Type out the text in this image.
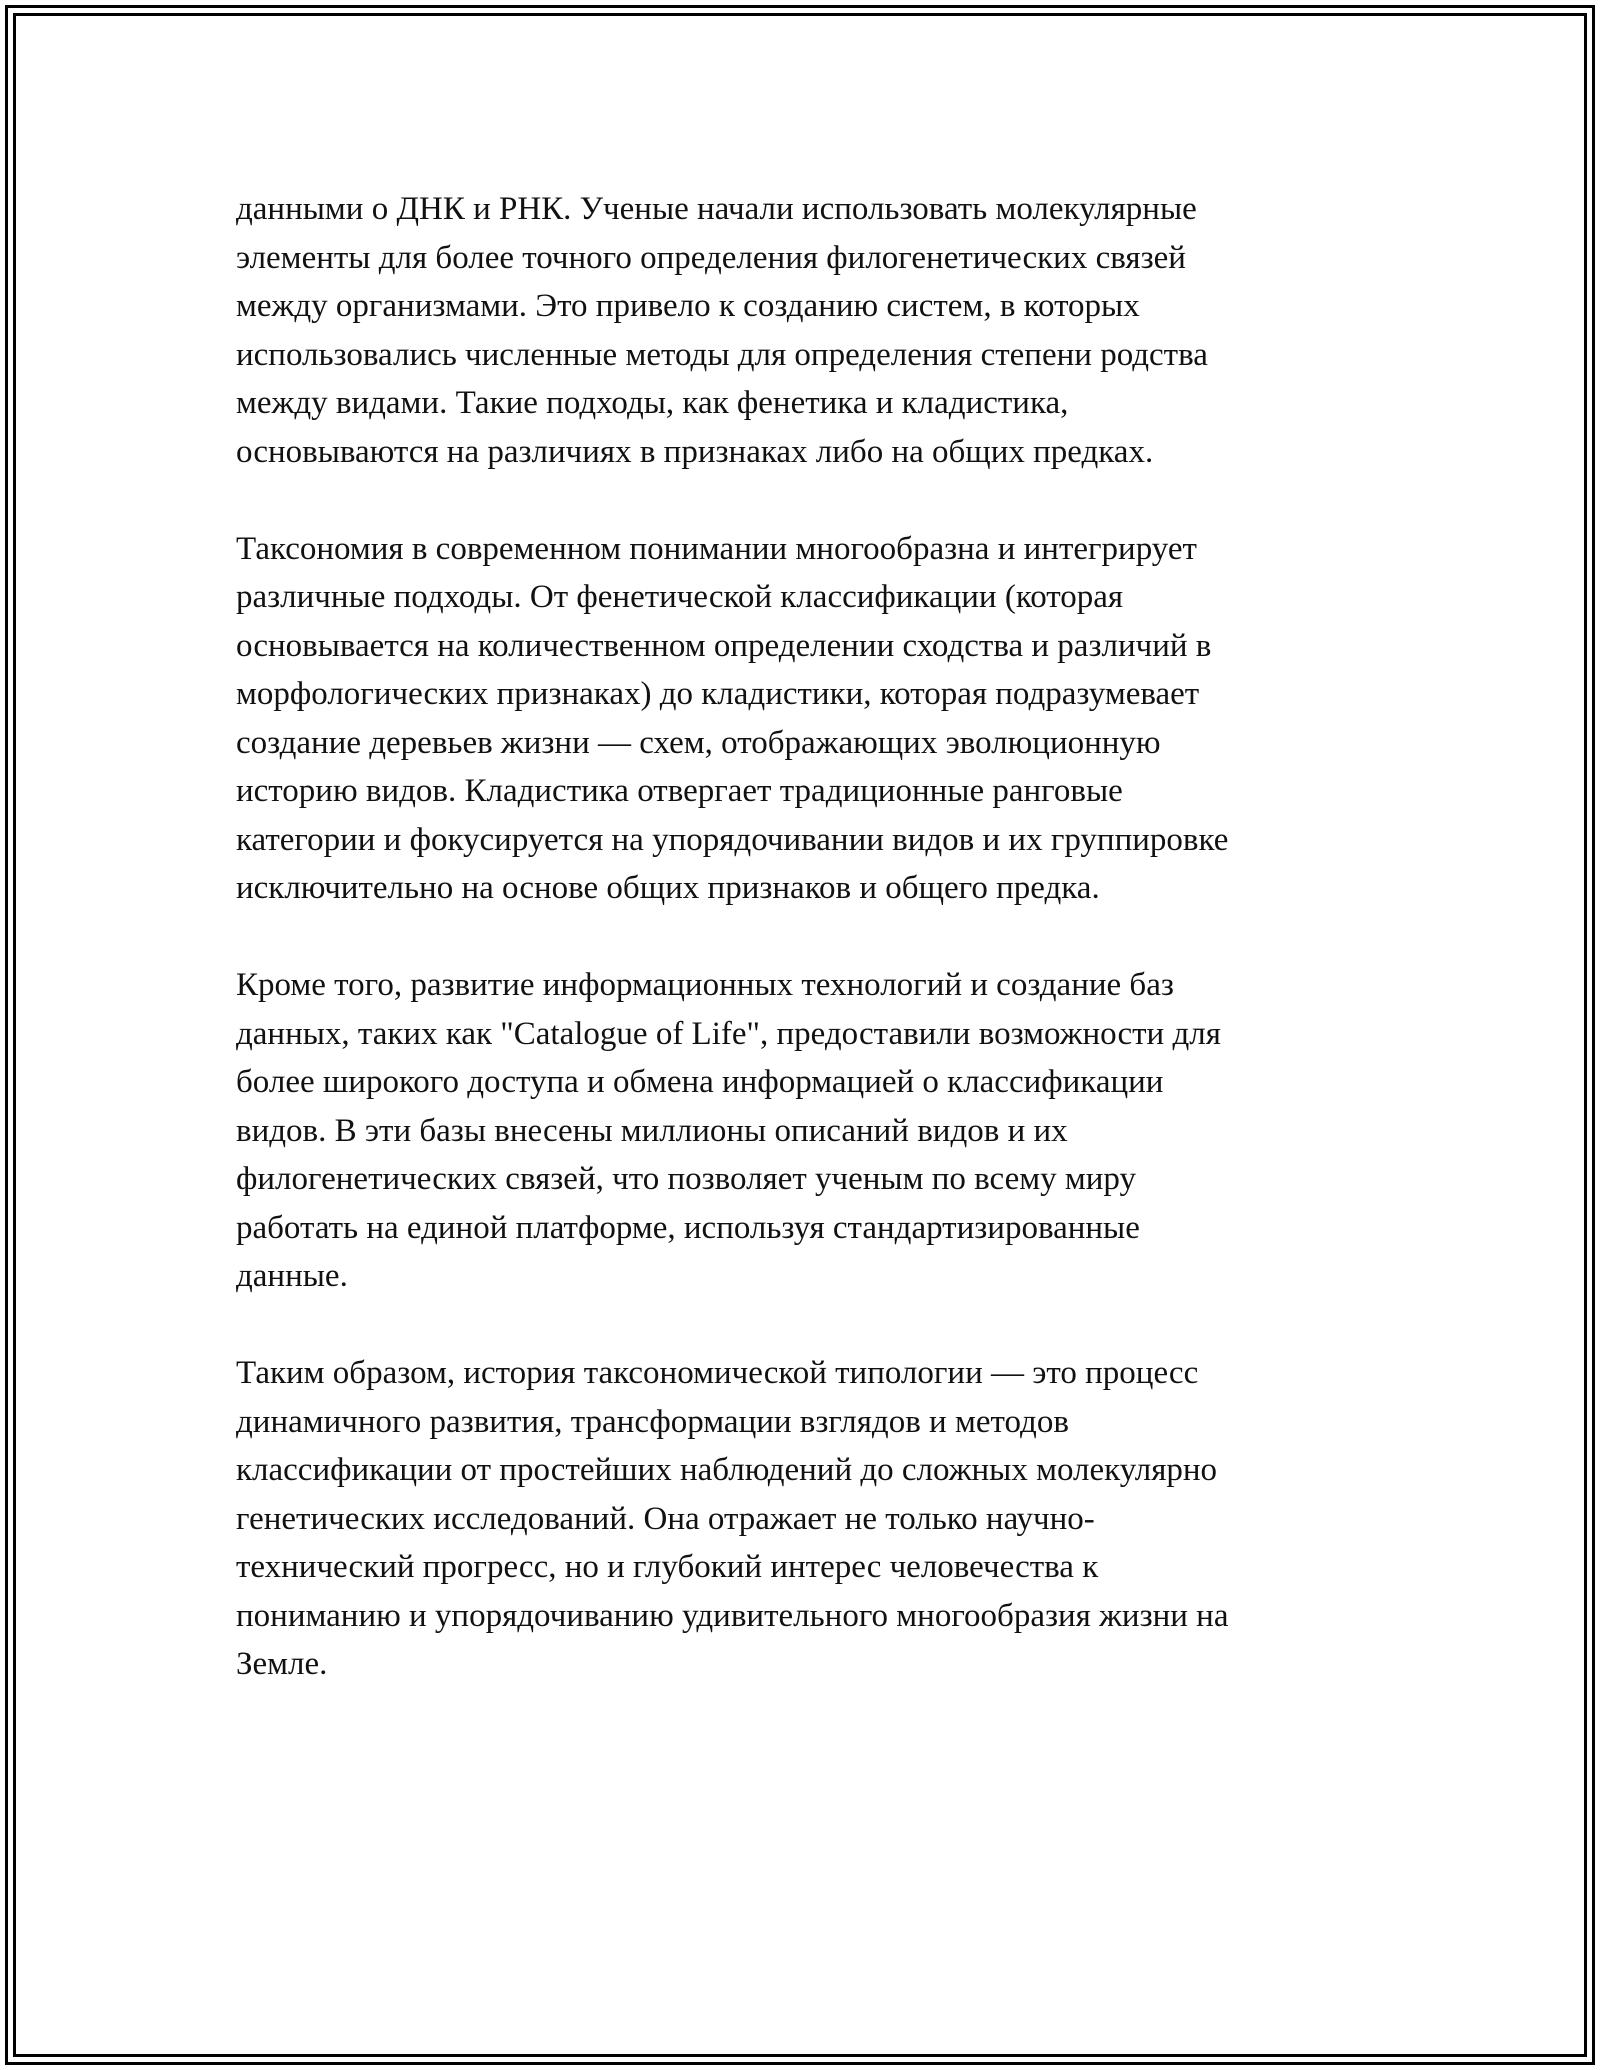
данными о ДНК и РНК. Ученые начали использовать молекулярные
элементы для более точного определения филогенетических связей
между организмами. Это привело к созданию систем, в которых
использовались численные методы для определения степени родства
между видами. Такие подходы, как фенетика и кладистика,
основываются на различиях в признаках либо на общих предках.

Таксономия в современном понимании многообразна и интегрирует
различные подходы. От фенетической классификации (которая
основывается на количественном определении сходства и различий в
морфологических признаках) до кладистики, которая подразумевает
создание деревьев жизни — схем, отображающих эволюционную
историю видов. Кладистика отвергает традиционные ранговые
категории и фокусируется на упорядочивании видов и их группировке
исключительно на основе общих признаков и общего предка.

Кроме того, развитие информационных технологий и создание баз
данных, таких как "Catalogue of Life", предоставили возможности для
более широкого доступа и обмена информацией о классификации
видов. В эти базы внесены миллионы описаний видов и их
филогенетических связей, что позволяет ученым по всему миру
работать на единой платформе, используя стандартизированные
данные.

Таким образом, история таксономической типологии — это процесс
динамичного развития, трансформации взглядов и методов
классификации от простейших наблюдений до сложных молекулярно
генетических исследований. Она отражает не только научно-
технический прогресс, но и глубокий интерес человечества к
пониманию и упорядочиванию удивительного многообразия жизни на
Земле.
